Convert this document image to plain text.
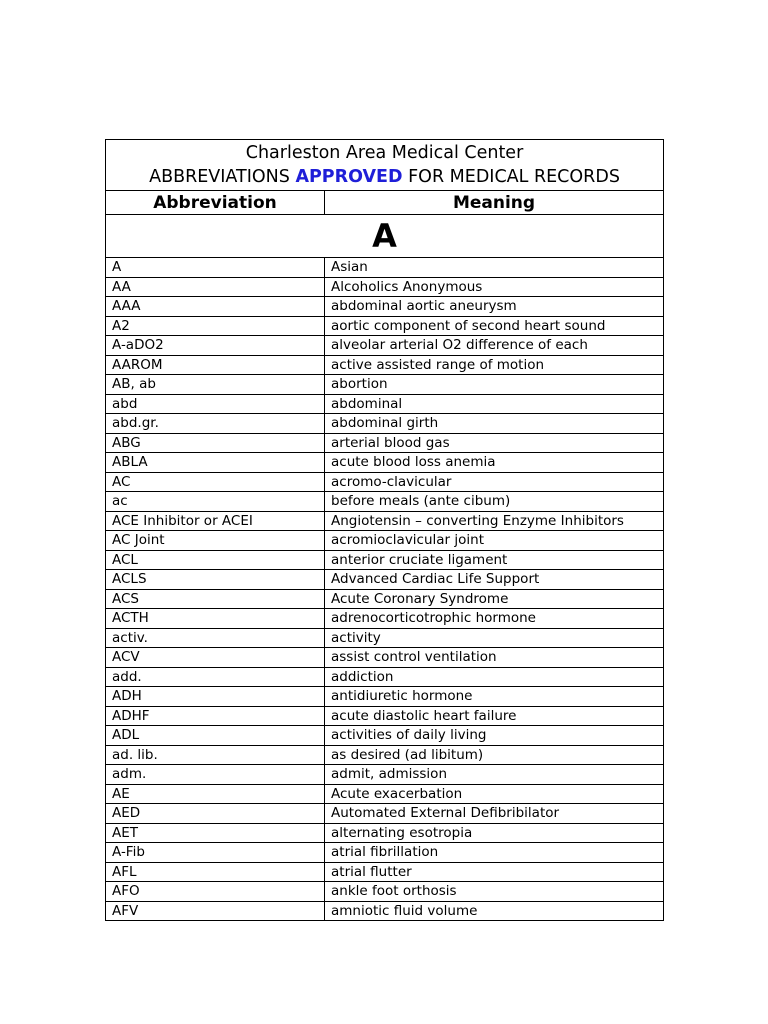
Charleston Area Medical Center
ABBREVIATIONS APPROVED FOR MEDICAL RECORDS	

Abbreviation	Meaning
A	
A	Asian
AA	Alcoholics Anonymous
AAA	abdominal aortic aneurysm
A2	aortic component of second heart sound
A-aDO2	alveolar arterial O2 difference of each
AAROM	active assisted range of motion
AB, ab	abortion
abd	abdominal
abd.gr.	abdominal girth
ABG	arterial blood gas
ABLA	acute blood loss anemia
AC	acromo-clavicular
ac	before meals (ante cibum)
ACE Inhibitor or ACEI	Angiotensin – converting Enzyme Inhibitors
AC Joint	acromioclavicular joint
ACL	anterior cruciate ligament
ACLS	Advanced Cardiac Life Support
ACS	Acute Coronary Syndrome
ACTH	adrenocorticotrophic hormone
activ.	activity
ACV	assist control ventilation
add.	addiction
ADH	antidiuretic hormone
ADHF	acute diastolic heart failure
ADL	activities of daily living
ad. lib.	as desired (ad libitum)
adm.	admit, admission
AE	Acute exacerbation
AED	Automated External Defibribilator
AET	alternating esotropia
A-Fib	atrial fibrillation
AFL	atrial flutter
AFO	ankle foot orthosis
AFV	amniotic fluid volume
